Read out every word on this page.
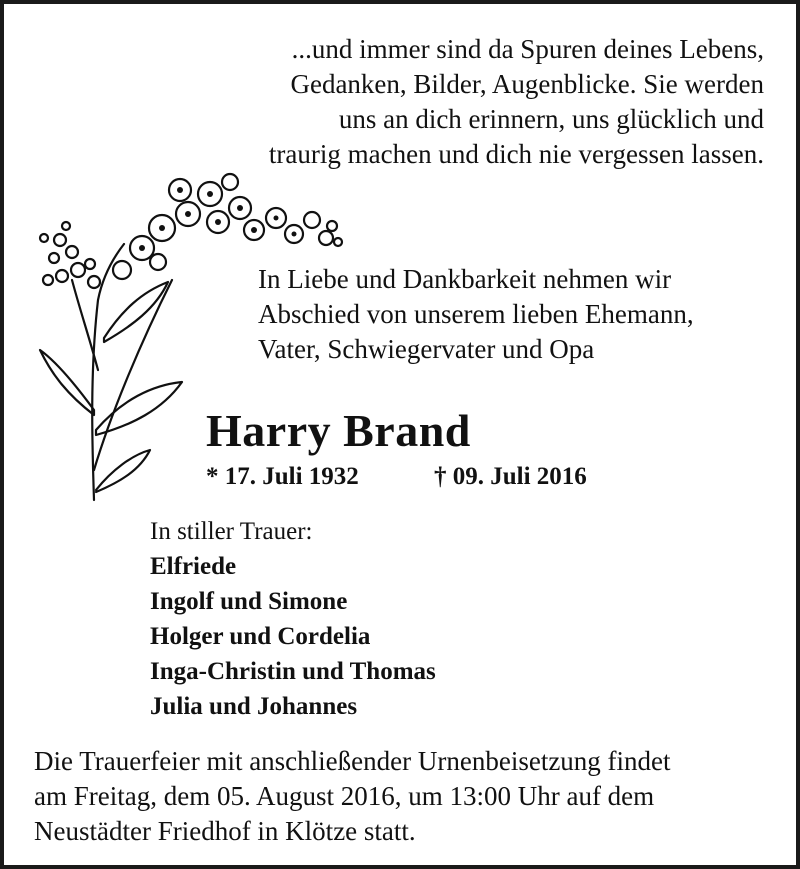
...und immer sind da Spuren deines Lebens,
Gedanken, Bilder, Augenblicke. Sie werden
uns an dich erinnern, uns glücklich und
traurig machen und dich nie vergessen lassen.
In Liebe und Dankbarkeit nehmen wir
Abschied von unserem lieben Ehemann,
Vater, Schwiegervater und Opa
Harry Brand
* 17. Juli 1932	† 09. Juli 2016
In stiller Trauer:
Elfriede
Ingolf und Simone
Holger und Cordelia
Inga-Christin und Thomas
Julia und Johannes
Die Trauerfeier mit anschließender Urnenbeisetzung findet
am Freitag, dem 05. August 2016, um 13:00 Uhr auf dem
Neustädter Friedhof in Klötze statt.
